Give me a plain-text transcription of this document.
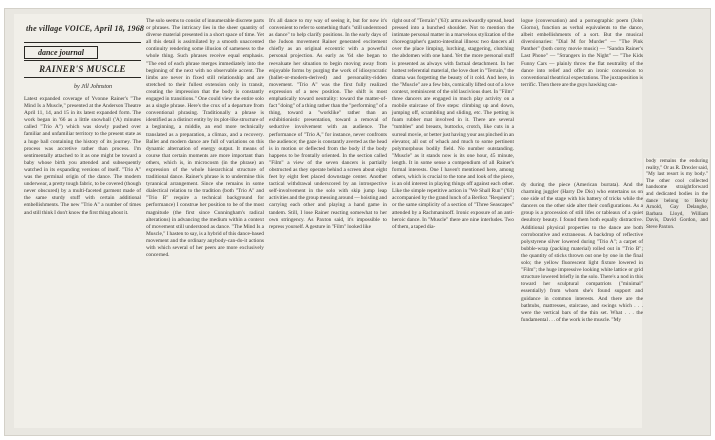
the village VOICE, April 18, 1968
dance journal
RAINER'S MUSCLE
by Jill Johnston

Latest expanded coverage of Yvonne Rainer's "The Mind Is a Muscle," presented at the Anderson Theatre April 11, 14, and 15 in its latest expanded form. The work began in '66 as a little snowball ('A) minutes called "Trio A") which was slowly pushed over familiar and unfamiliar territory to the present state as a huge ball containing the history of its journey. The process was accretive rather than process. I'm sentimentally attached to it as one might be toward a baby whose birth you attended and subsequently watched in its expanding versions of itself. "Trio A" was the germinal origin of the dance. The modern underwear, a pretty tough fabric, to be covered (though never obscured) by a multi-faceted garment made of the same sturdy stuff with certain additional embellishments. The new "Trio A" a number of times and still think I don't know the first thing about it.

The solo seems to consist of innumerable discrete parts or phrases. The intricacy lies in the sheer quantity of diverse material presented in a short space of time. Yet all this detail is assimilated by a smooth unaccented continuity rendering some illusion of sameness to the whole thing. Such phrases receive equal emphasis. "The end of each phrase merges immediately into the beginning of the next with no observable accent. The limbs are never in fixed still relationship and are stretched to their fullest extension only in transit, creating the impression that the body is constantly engaged in transitions." One could view the entire solo as a single phrase. Here's the crux of a departure from conventional phrasing. Traditionally a phrase is identified as a distinct entity by its plot-like structure of a beginning, a middle, an end more technically translated as a preparation, a climax, and a recovery. Ballet and modern dance are full of variations on this dynamic alternation of energy output. It means of course that certain moments are more important than others, which is, in microcosm (in the phrase) an expression of the whole hierarchical structure of traditional dance. Rainer's phrase is to undermine this tyrannical arrangement. Since she remains in some dialectical relation to the tradition (both "Trio A" and "Trio B" require a technical background for performance) I construe her position to be of the most magnitude (the first since Cunningham's radical alterations) in advancing the medium within a context of movement still understood as dance. "The Mind Is a Muscle," I hasten to say, is a hybrid of this dance-based movement and the ordinary anybody-can-do-it actions with which several of her peers are more exclusively concerned.

It's all dance to my way of seeing it, but for now it's convenient to refer to something that's "still understood as dance" to help clarify positions. In the early days of the Judson movement Rainer generated excitement chiefly as an original eccentric with a powerful personal projection. As early as '64 she began to reevaluate her situation to begin moving away from enjoyable forms by purging the work of idiosyncratic (ballet-or-modern-derived) and personality-ridden movement. "Trio A" was the first fully realized expression of a new position. The shift is most emphatically toward neutrality: toward the matter-of-fact "doing" of a thing rather than the "performing" of a thing, toward a "worklike" rather than an exhibitionistic presentation, toward a removal of seductive involvement with an audience. The performance of "Trio A," for instance, never confronts the audience; the gaze is constantly averted as the head is in motion or deflected from the body if the body happens to be frontally oriented. In the section called "Film" a view of the seven dancers is partially obstructed as they operate behind a screen about eight feet by eight feet placed downstage center. Another tactical withdrawal underscored by an introspective self-involvement in the solo with skip jump leap activities and the group messing around — hoisting and carrying each other and playing a hand game in tandem. Still, I lose Rainer reacting somewhat to her own stringency. As Paxton said, it's impossible to repress yourself. A gesture in "Film" looked like

right out of "Terrain" ('63): arms awkwardly spread, head pressed into a hunched shoulder. Not to mention the intimate personal matter in a marvelous stylization of the choreographer's gastro-intestinal illness: two dancers all over the place limping, lurching, staggering, clutching the abdomen with one hand. Yet the more personal stuff is presented as always with factual detachment. In her hottest referential material, the love duet in "Terrain," the drama was forgetting the beauty of it cold. And here, in the "Muscle" are a few bits, comically lifted out of a love context, reminiscent of the old lascivious duet. In "Film" three dancers are engaged in much play activity on a mobile staircase of five steps: climbing up and down, jumping off, scrambling and sliding, etc. The petting is foam rubber mat involved in it. There are several "tumbles" and breasts, buttocks, crotch, like cuts in a surreal movie, or better just having your ass pinched in an elevator, all out of whack and much to some pertinent polymorphous bodily field. No number outstanding. "Muscle" as it stands now is its one hour, 45 minute, length. It in some sense a compendium of all Rainer's formal interests. One I haven't mentioned here, among others, which is crucial to the tone and look of the piece, is an old interest in playing things off against each other. Like the simple repetitive action in "We Shall Run" ('63) accompanied by the grand lunch of a Berlioz "Requiem"; or the same simplicity of a section of "Three Seascapes" attended by a Rachmaninoff. Ironic exposure of an anti-heroic dance. In "Muscle" there are nine interludes. Two of them, a taped dia-

logue (conversation) and a pornographic poem (John Giorno), function as verbal equivalents to the dance, albeit embellishments of a sort. But the musical diversionaries: "Dial M for Murder" — "The Pink Panther" (both corny movie music) — "Sandra Rainer's Last Phone" — "Strangers in the Night" — "The Kids Funny Cars — plainly throw the flat neutrality of the dance into relief and offer an ironic concession to conventional theatrical expectations. The juxtaposition is terrific. Then there are the guys hawking can-

dy during the piece (American burrata). And the charming juggler (Harry De Dio) who entertains us on one side of the stage with his battery of tricks while the dancers on the other side alter their configurations. As a group is a procession of still lifes or tableaux of a quiet desultory beauty. I found them both equally distractive. Additional physical properties to the dance are both corroborative and extraneous. A backdrop of reflective polystyrene silver lowered during "Trio A"; a carpet of bubble-wrap (packing material) rolled out in "Trio B"; the quantity of sticks thrown out one by one in the final solo; the yellow fluorescent light fixture lowered in "Film"; the huge impressive looking white lattice or grid structure lowered briefly in the solo. There's a nod in this toward her sculptural compatriots ("minimal" essentially) from whom she's found support and guidance in common interests. And there are the bathtubs, mattresses, staircase, and swings which . . . were the vertical bars of the thin set. What . . . the fundamental . . . of the work is the muscle. "My

body remains the enduring reality," Or as R. Drexler said, "My last resort is my body." The other cool collected handsome straightforward and dedicated bodies in the dance belong to Becky Arnold, Gay Delanghe, Barbara Lloyd, William Davis, David Gordon, and Steve Paxton.
